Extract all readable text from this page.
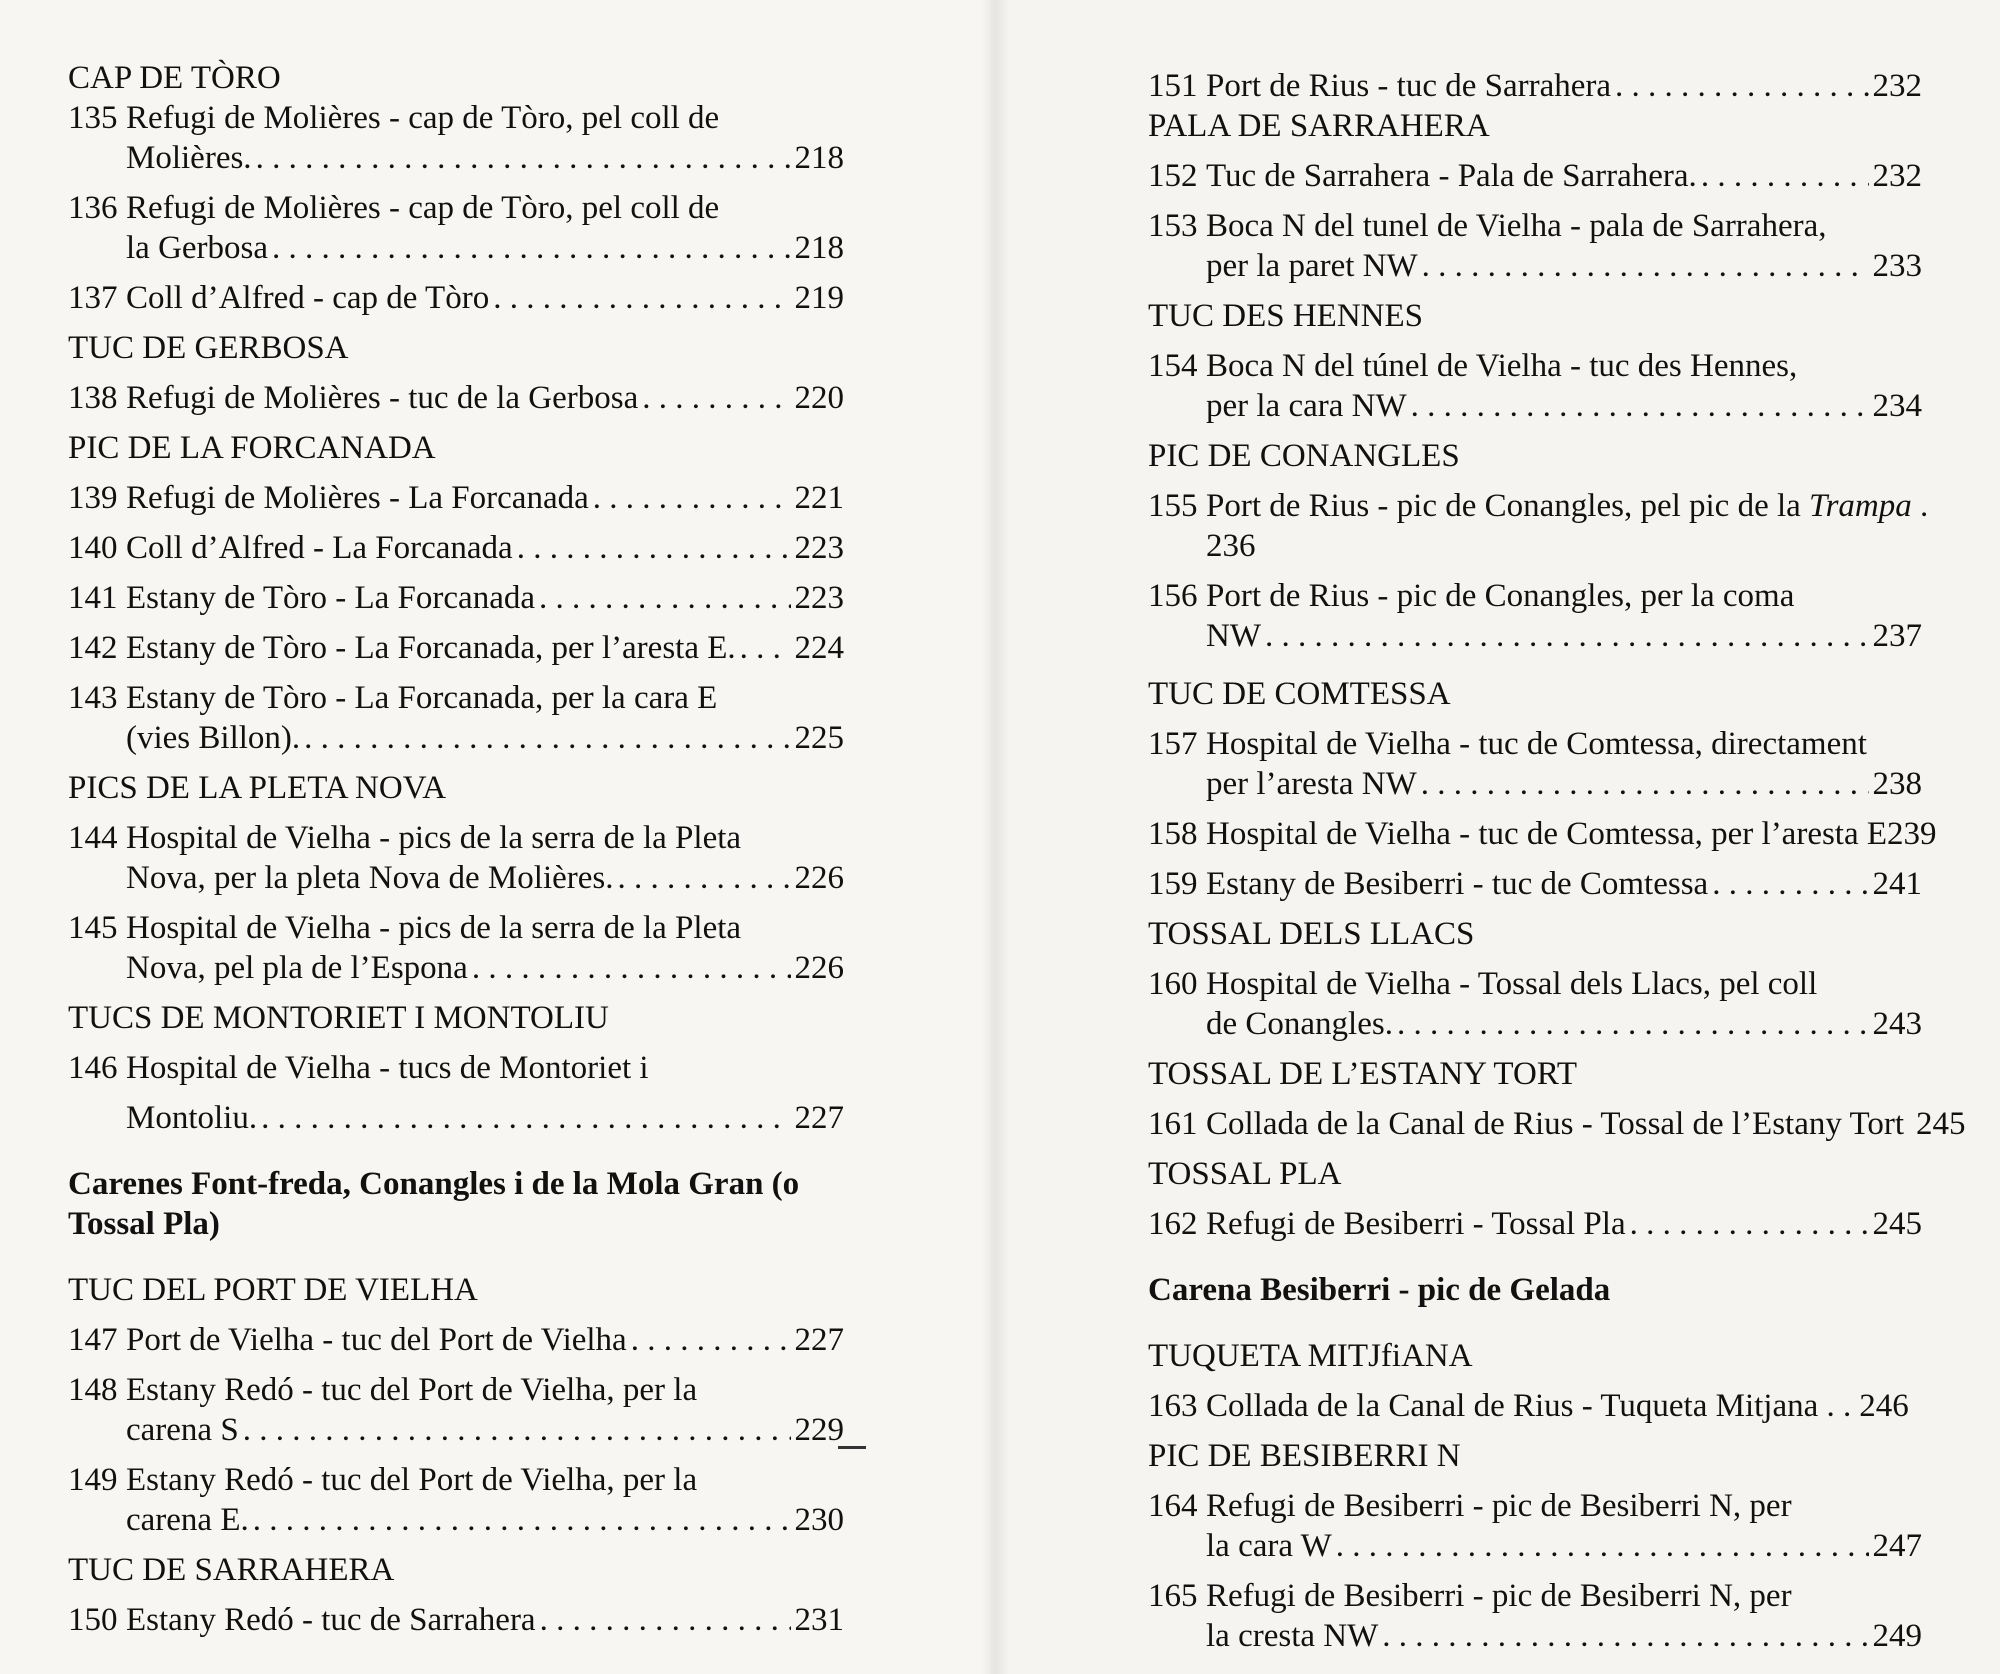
CAP DE TÒRO
135 Refugi de Molières - cap de Tòro, pel coll de
Molières. . . .	218
136 Refugi de Molières - cap de Tòro, pel coll de
la Gerbosa . . .	218
137 Coll d’Alfred - cap de Tòro . . .	219
TUC DE GERBOSA
138 Refugi de Molières - tuc de la Gerbosa . . .	220
PIC DE LA FORCANADA
139 Refugi de Molières - La Forcanada . . .	221
140 Coll d’Alfred - La Forcanada . . .	223
141 Estany de Tòro - La Forcanada . . .	223
142 Estany de Tòro - La Forcanada, per l’aresta E. . . . 224
143 Estany de Tòro - La Forcanada, per la cara E
(vies Billon). . . .	225
PICS DE LA PLETA NOVA
144 Hospital de Vielha - pics de la serra de la Pleta
Nova, per la pleta Nova de Molières. . . .	226
145 Hospital de Vielha - pics de la serra de la Pleta
Nova, pel pla de l’Espona . . .	226
TUCS DE MONTORIET I MONTOLIU
146 Hospital de Vielha - tucs de Montoriet i
Montoliu. . . .	227
Carenes Font-freda, Conangles i de la Mola Gran (o Tossal Pla)
TUC DEL PORT DE VIELHA
147 Port de Vielha - tuc del Port de Vielha . . .	227
148 Estany Redó - tuc del Port de Vielha, per la
carena S . . .	229
149 Estany Redó - tuc del Port de Vielha, per la
carena E. . . .	230
TUC DE SARRAHERA
150 Estany Redó - tuc de Sarrahera . . .	231
151 Port de Rius - tuc de Sarrahera . . .	232
PALA DE SARRAHERA
152 Tuc de Sarrahera - Pala de Sarrahera. . . .	232
153 Boca N del tunel de Vielha - pala de Sarrahera,
per la paret NW . . .	233
TUC DES HENNES
154 Boca N del túnel de Vielha - tuc des Hennes,
per la cara NW . . .	234
PIC DE CONANGLES
155 Port de Rius - pic de Conangles, pel pic de la Trampa .
236
156 Port de Rius - pic de Conangles, per la coma
NW . . .	237
TUC DE COMTESSA
157 Hospital de Vielha - tuc de Comtessa, directament
per l’aresta NW . . .	238
158 Hospital de Vielha - tuc de Comtessa, per l’aresta E239
159 Estany de Besiberri - tuc de Comtessa . . .	241
TOSSAL DELS LLACS
160 Hospital de Vielha - Tossal dels Llacs, pel coll
de Conangles. . . .	243
TOSSAL DE L’ESTANY TORT
161 Collada de la Canal de Rius - Tossal de l’Estany Tort 245
TOSSAL PLA
162 Refugi de Besiberri - Tossal Pla . . .	245
Carena Besiberri - pic de Gelada
TUQUETA MITJfiANA
163 Collada de la Canal de Rius - Tuqueta Mitjana . . 246
PIC DE BESIBERRI N
164 Refugi de Besiberri - pic de Besiberri N, per
la cara W . . .	247
165 Refugi de Besiberri - pic de Besiberri N, per
la cresta NW . . .	249
